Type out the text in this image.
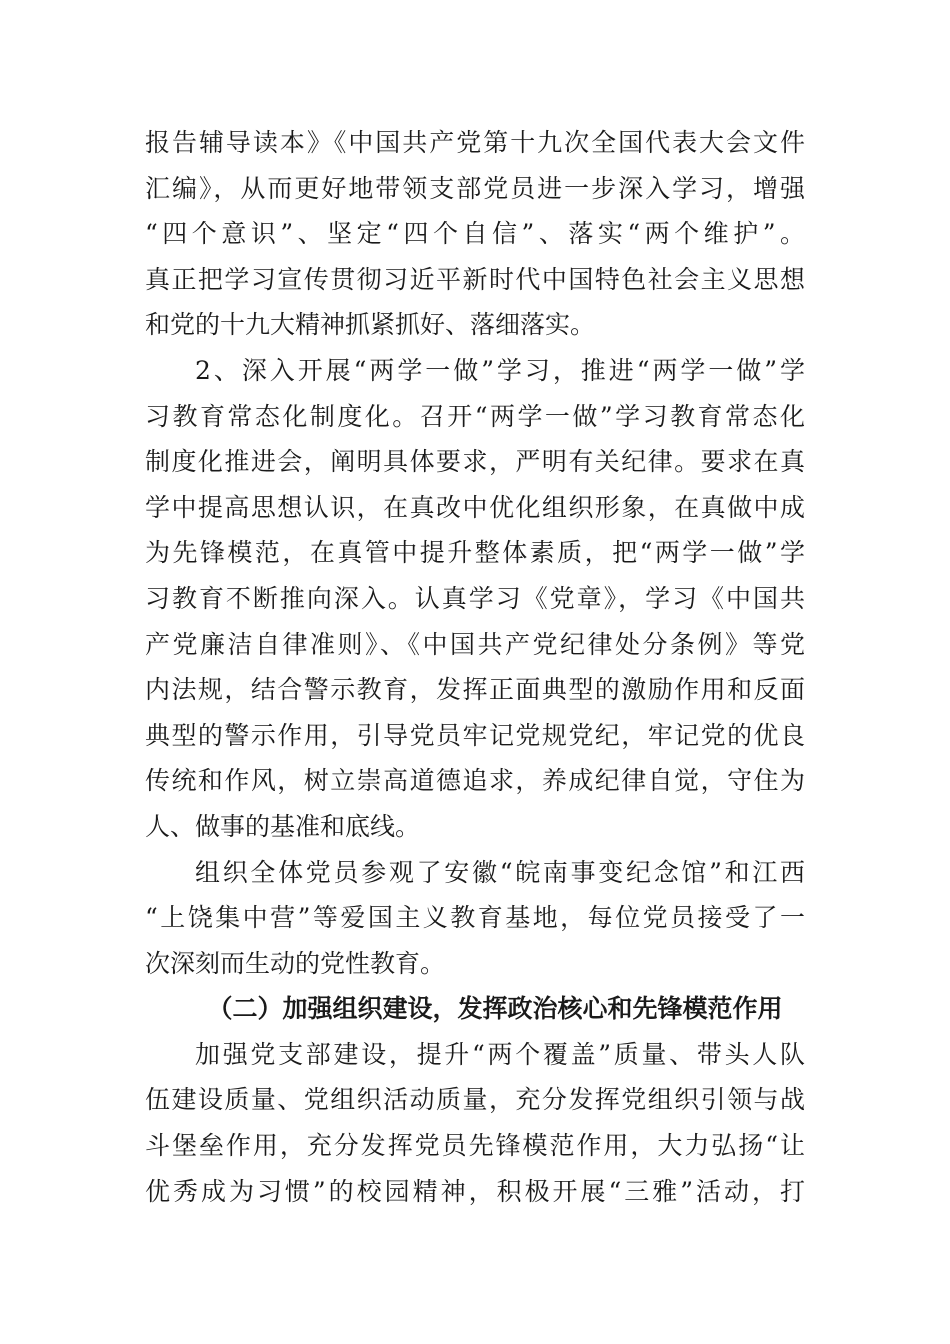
报告辅导读本》《中国共产党第十九次全国代表大会文件
汇编》，从而更好地带领支部党员进一步深入学习，增强
“四个意识”、坚定“四个自信”、落实“两个维护”。
真正把学习宣传贯彻习近平新时代中国特色社会主义思想
和党的十九大精神抓紧抓好、落细落实。
2、深入开展“两学一做”学习，推进“两学一做”学
习教育常态化制度化。召开“两学一做”学习教育常态化
制度化推进会，阐明具体要求，严明有关纪律。要求在真
学中提高思想认识，在真改中优化组织形象，在真做中成
为先锋模范，在真管中提升整体素质，把“两学一做”学
习教育不断推向深入。认真学习《党章》，学习《中国共
产党廉洁自律准则》、《中国共产党纪律处分条例》等党
内法规，结合警示教育，发挥正面典型的激励作用和反面
典型的警示作用，引导党员牢记党规党纪，牢记党的优良
传统和作风，树立崇高道德追求，养成纪律自觉，守住为
人、做事的基准和底线。
组织全体党员参观了安徽“皖南事变纪念馆”和江西
“上饶集中营”等爱国主义教育基地，每位党员接受了一
次深刻而生动的党性教育。
（二）加强组织建设，发挥政治核心和先锋模范作用
加强党支部建设，提升“两个覆盖”质量、带头人队
伍建设质量、党组织活动质量，充分发挥党组织引领与战
斗堡垒作用，充分发挥党员先锋模范作用，大力弘扬“让
优秀成为习惯”的校园精神，积极开展“三雅”活动，打
